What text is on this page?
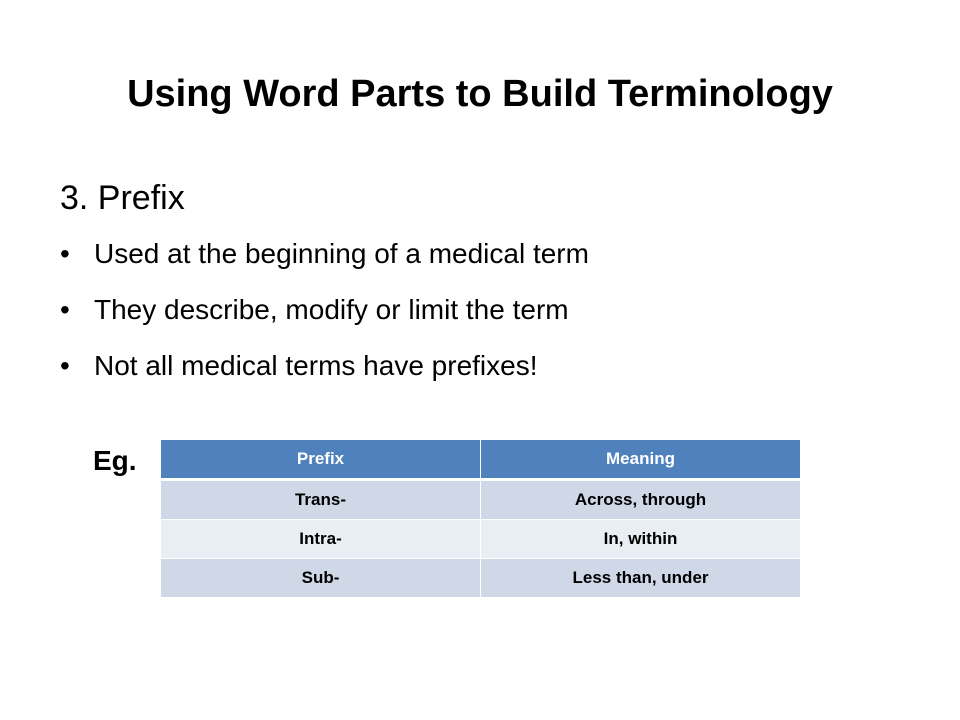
Using Word Parts to Build Terminology
3. Prefix
• Used at the beginning of a medical term
• They describe, modify or limit the term
• Not all medical terms have prefixes!
Eg.	Prefix	Meaning
Trans-	Across, through
Intra-	In, within
Sub-	Less than, under
